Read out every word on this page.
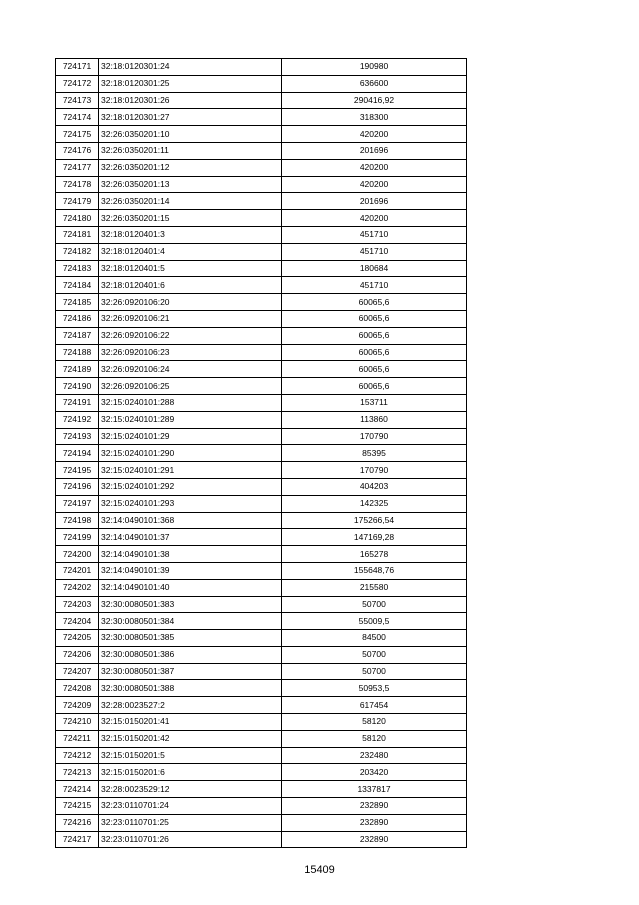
724171	32:18:0120301:24	190980
724172	32:18:0120301:25	636600
724173	32:18:0120301:26	290416,92
724174	32:18:0120301:27	318300
724175	32:26:0350201:10	420200
724176	32:26:0350201:11	201696
724177	32:26:0350201:12	420200
724178	32:26:0350201:13	420200
724179	32:26:0350201:14	201696
724180	32:26:0350201:15	420200
724181	32:18:0120401:3	451710
724182	32:18:0120401:4	451710
724183	32:18:0120401:5	180684
724184	32:18:0120401:6	451710
724185	32:26:0920106:20	60065,6
724186	32:26:0920106:21	60065,6
724187	32:26:0920106:22	60065,6
724188	32:26:0920106:23	60065,6
724189	32:26:0920106:24	60065,6
724190	32:26:0920106:25	60065,6
724191	32:15:0240101:288	153711
724192	32:15:0240101:289	113860
724193	32:15:0240101:29	170790
724194	32:15:0240101:290	85395
724195	32:15:0240101:291	170790
724196	32:15:0240101:292	404203
724197	32:15:0240101:293	142325
724198	32:14:0490101:368	175266,54
724199	32:14:0490101:37	147169,28
724200	32:14:0490101:38	165278
724201	32:14:0490101:39	155648,76
724202	32:14:0490101:40	215580
724203	32:30:0080501:383	50700
724204	32:30:0080501:384	55009,5
724205	32:30:0080501:385	84500
724206	32:30:0080501:386	50700
724207	32:30:0080501:387	50700
724208	32:30:0080501:388	50953,5
724209	32:28:0023527:2	617454
724210	32:15:0150201:41	58120
724211	32:15:0150201:42	58120
724212	32:15:0150201:5	232480
724213	32:15:0150201:6	203420
724214	32:28:0023529:12	1337817
724215	32:23:0110701:24	232890
724216	32:23:0110701:25	232890
724217	32:23:0110701:26	232890
15409
